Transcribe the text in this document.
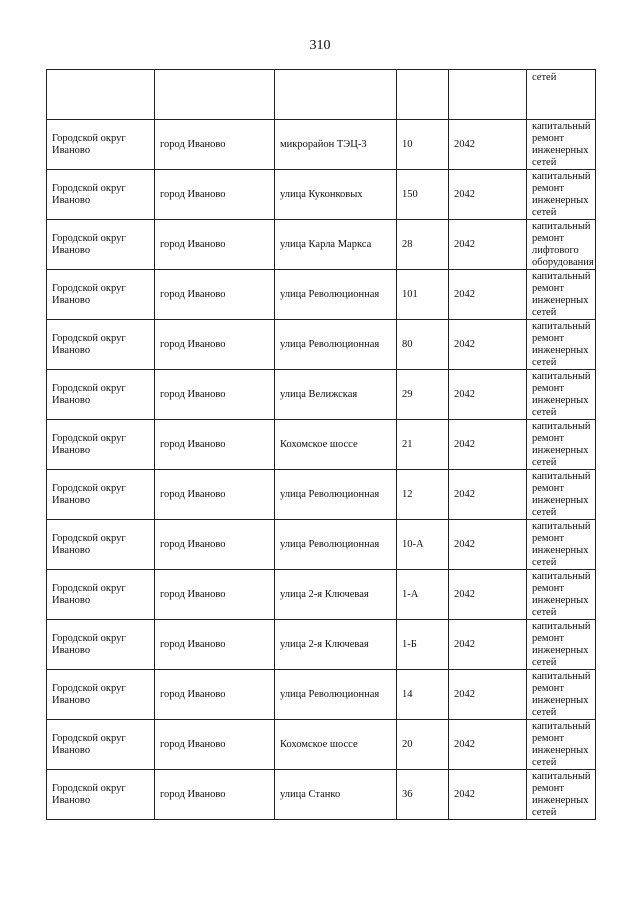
310
					сетей
Городской округ Иваново	город Иваново	микрорайон ТЭЦ-3	10	2042	капитальный ремонт инженерных сетей
Городской округ Иваново	город Иваново	улица Куконковых	150	2042	капитальный ремонт инженерных сетей
Городской округ Иваново	город Иваново	улица Карла Маркса	28	2042	капитальный ремонт лифтового оборудования
Городской округ Иваново	город Иваново	улица Революционная	101	2042	капитальный ремонт инженерных сетей
Городской округ Иваново	город Иваново	улица Революционная	80	2042	капитальный ремонт инженерных сетей
Городской округ Иваново	город Иваново	улица Велижская	29	2042	капитальный ремонт инженерных сетей
Городской округ Иваново	город Иваново	Кохомское шоссе	21	2042	капитальный ремонт инженерных сетей
Городской округ Иваново	город Иваново	улица Революционная	12	2042	капитальный ремонт инженерных сетей
Городской округ Иваново	город Иваново	улица Революционная	10-А	2042	капитальный ремонт инженерных сетей
Городской округ Иваново	город Иваново	улица 2-я Ключевая	1-А	2042	капитальный ремонт инженерных сетей
Городской округ Иваново	город Иваново	улица 2-я Ключевая	1-Б	2042	капитальный ремонт инженерных сетей
Городской округ Иваново	город Иваново	улица Революционная	14	2042	капитальный ремонт инженерных сетей
Городской округ Иваново	город Иваново	Кохомское шоссе	20	2042	капитальный ремонт инженерных сетей
Городской округ Иваново	город Иваново	улица Станко	36	2042	капитальный ремонт инженерных сетей
